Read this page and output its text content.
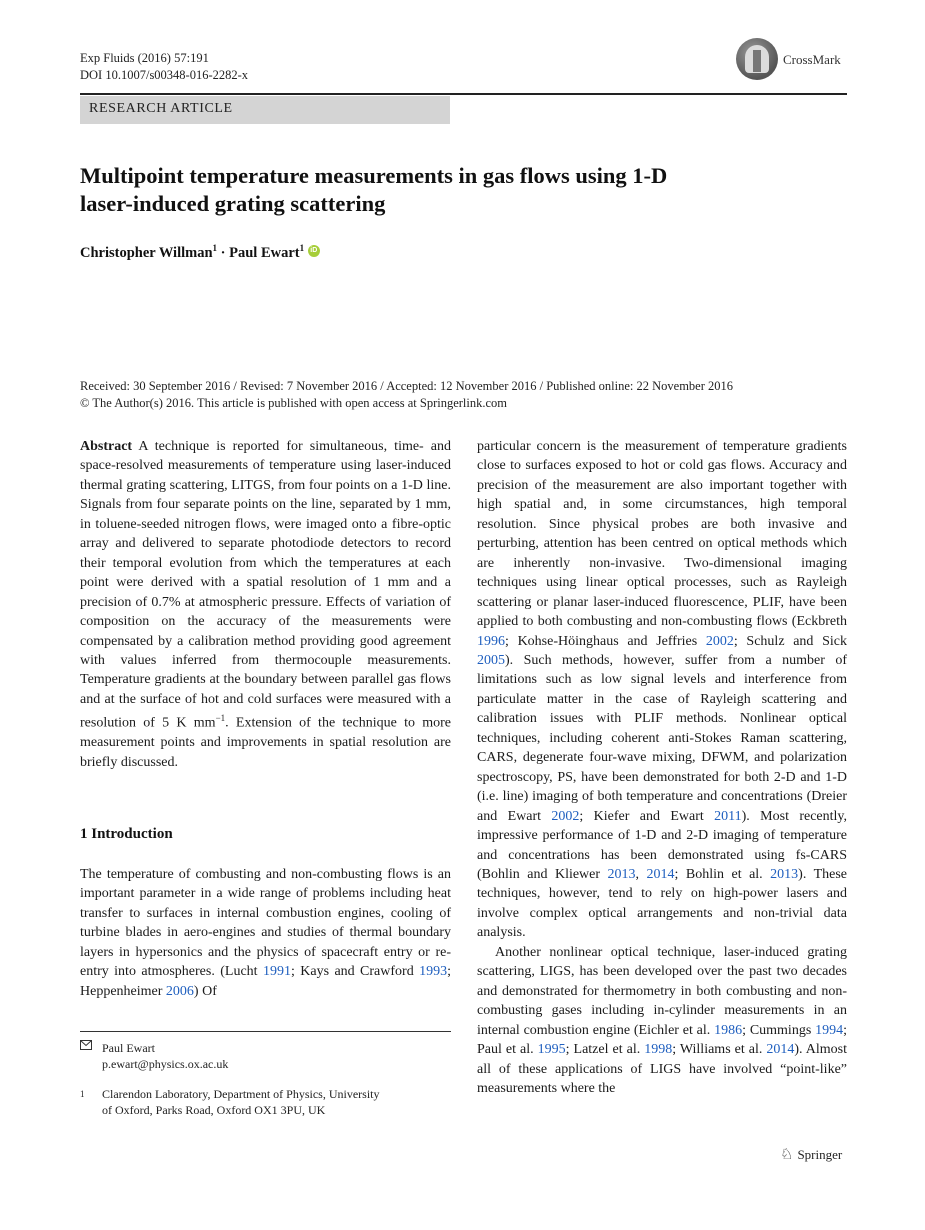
Exp Fluids (2016) 57:191
DOI 10.1007/s00348-016-2282-x
CrossMark
RESEARCH ARTICLE
Multipoint temperature measurements in gas flows using 1-D
laser-induced grating scattering
Christopher Willman$^1$ · Paul Ewart$^1$ iD
Received: 30 September 2016 / Revised: 7 November 2016 / Accepted: 12 November 2016 / Published online: 22 November 2016
© The Author(s) 2016. This article is published with open access at Springerlink.com

Abstract A technique is reported for simultaneous, time- and space-resolved measurements of temperature using laser-induced thermal grating scattering, LITGS, from four points on a 1-D line. Signals from four separate points on the line, separated by 1 mm, in toluene-seeded nitrogen flows, were imaged onto a fibre-optic array and delivered to separate photodiode detectors to record their temporal evolution from which the temperatures at each point were derived with a spatial resolution of 1 mm and a precision of 0.7% at atmospheric pressure. Effects of variation of composition on the accuracy of the measurements were compensated by a calibration method providing good agreement with values inferred from thermocouple measurements. Temperature gradients at the boundary between parallel gas flows and at the surface of hot and cold surfaces were measured with a resolution of 5 K $mm^{-1}$. Extension of the technique to more measurement points and improvements in spatial resolution are briefly discussed.

1 Introduction

The temperature of combusting and non-combusting flows is an important parameter in a wide range of problems including heat transfer to surfaces in internal combustion engines, cooling of turbine blades in aero-engines and studies of thermal boundary layers in hypersonics and the physics of spacecraft entry or re-entry into atmospheres. (Lucht 1991; Kays and Crawford 1993; Heppenheimer 2006) Of

Paul Ewart
p.ewart@physics.ox.ac.uk
1 Clarendon Laboratory, Department of Physics, University
of Oxford, Parks Road, Oxford OX1 3PU, UK

particular concern is the measurement of temperature gradients close to surfaces exposed to hot or cold gas flows. Accuracy and precision of the measurement are also important together with high spatial and, in some circumstances, high temporal resolution. Since physical probes are both invasive and perturbing, attention has been centred on optical methods which are inherently non-invasive. Two-dimensional imaging techniques using linear optical processes, such as Rayleigh scattering or planar laser-induced fluorescence, PLIF, have been applied to both combusting and non-combusting flows (Eckbreth 1996; Kohse-Höinghaus and Jeffries 2002; Schulz and Sick 2005). Such methods, however, suffer from a number of limitations such as low signal levels and interference from particulate matter in the case of Rayleigh scattering and calibration issues with PLIF methods. Nonlinear optical techniques, including coherent anti-Stokes Raman scattering, CARS, degenerate four-wave mixing, DFWM, and polarization spectroscopy, PS, have been demonstrated for both 2-D and 1-D (i.e. line) imaging of both temperature and concentrations (Dreier and Ewart 2002; Kiefer and Ewart 2011). Most recently, impressive performance of 1-D and 2-D imaging of temperature and concentrations has been demonstrated using fs-CARS (Bohlin and Kliewer 2013, 2014; Bohlin et al. 2013). These techniques, however, tend to rely on high-power lasers and involve complex optical arrangements and non-trivial data analysis.

Another nonlinear optical technique, laser-induced grating scattering, LIGS, has been developed over the past two decades and demonstrated for thermometry in both combusting and non-combusting gases including in-cylinder measurements in an internal combustion engine (Eichler et al. 1986; Cummings 1994; Paul et al. 1995; Latzel et al. 1998; Williams et al. 2014). Almost all of these applications of LIGS have involved “point-like” measurements where the

♘ Springer
